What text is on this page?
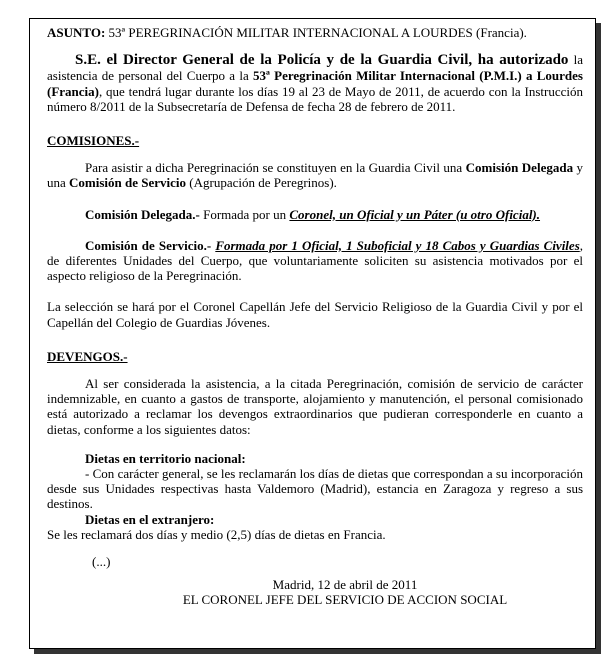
ASUNTO: 53ª PEREGRINACIÓN MILITAR INTERNACIONAL A LOURDES (Francia).

S.E. el Director General de la Policía y de la Guardia Civil, ha autorizado la asistencia de personal del Cuerpo a la 53ª Peregrinación Militar Internacional (P.M.I.) a Lourdes (Francia), que tendrá lugar durante los días 19 al 23 de Mayo de 2011, de acuerdo con la Instrucción número 8/2011 de la Subsecretaría de Defensa de fecha 28 de febrero de 2011.

COMISIONES.-

Para asistir a dicha Peregrinación se constituyen en la Guardia Civil una Comisión Delegada y una Comisión de Servicio (Agrupación de Peregrinos).

Comisión Delegada.- Formada por un Coronel, un Oficial y un Páter (u otro Oficial).

Comisión de Servicio.- Formada por 1 Oficial, 1 Suboficial y 18 Cabos y Guardias Civiles, de diferentes Unidades del Cuerpo, que voluntariamente soliciten su asistencia motivados por el aspecto religioso de la Peregrinación.

La selección se hará por el Coronel Capellán Jefe del Servicio Religioso de la Guardia Civil y por el Capellán del Colegio de Guardias Jóvenes.

DEVENGOS.-

Al ser considerada la asistencia, a la citada Peregrinación, comisión de servicio de carácter indemnizable, en cuanto a gastos de transporte, alojamiento y manutención, el personal comisionado está autorizado a reclamar los devengos extraordinarios que pudieran corresponderle en cuanto a dietas, conforme a los siguientes datos:

Dietas en territorio nacional:

- Con carácter general, se les reclamarán los días de dietas que correspondan a su incorporación desde sus Unidades respectivas hasta Valdemoro (Madrid), estancia en Zaragoza y regreso a sus destinos.

Dietas en el extranjero:

Se les reclamará dos días y medio (2,5) días de dietas en Francia.

(...)

Madrid, 12 de abril de 2011

EL CORONEL JEFE DEL SERVICIO DE ACCION SOCIAL
